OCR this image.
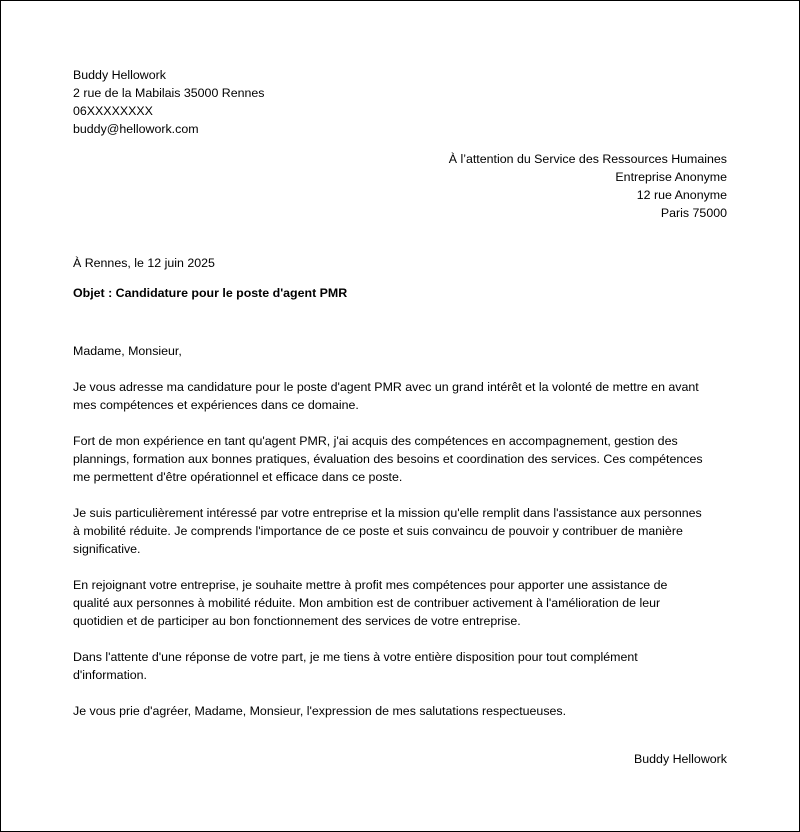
Buddy Hellowork
2 rue de la Mabilais 35000 Rennes
06XXXXXXXX
buddy@hellowork.com
À l’attention du Service des Ressources Humaines
Entreprise Anonyme
12 rue Anonyme
Paris 75000
À Rennes, le 12 juin 2025
Objet : Candidature pour le poste d'agent PMR
Madame, Monsieur,
Je vous adresse ma candidature pour le poste d'agent PMR avec un grand intérêt et la volonté de mettre en avant
mes compétences et expériences dans ce domaine.
Fort de mon expérience en tant qu'agent PMR, j'ai acquis des compétences en accompagnement, gestion des
plannings, formation aux bonnes pratiques, évaluation des besoins et coordination des services. Ces compétences
me permettent d'être opérationnel et efficace dans ce poste.
Je suis particulièrement intéressé par votre entreprise et la mission qu'elle remplit dans l'assistance aux personnes
à mobilité réduite. Je comprends l'importance de ce poste et suis convaincu de pouvoir y contribuer de manière
significative.
En rejoignant votre entreprise, je souhaite mettre à profit mes compétences pour apporter une assistance de
qualité aux personnes à mobilité réduite. Mon ambition est de contribuer activement à l'amélioration de leur
quotidien et de participer au bon fonctionnement des services de votre entreprise.
Dans l'attente d'une réponse de votre part, je me tiens à votre entière disposition pour tout complément
d'information.
Je vous prie d'agréer, Madame, Monsieur, l'expression de mes salutations respectueuses.
Buddy Hellowork
